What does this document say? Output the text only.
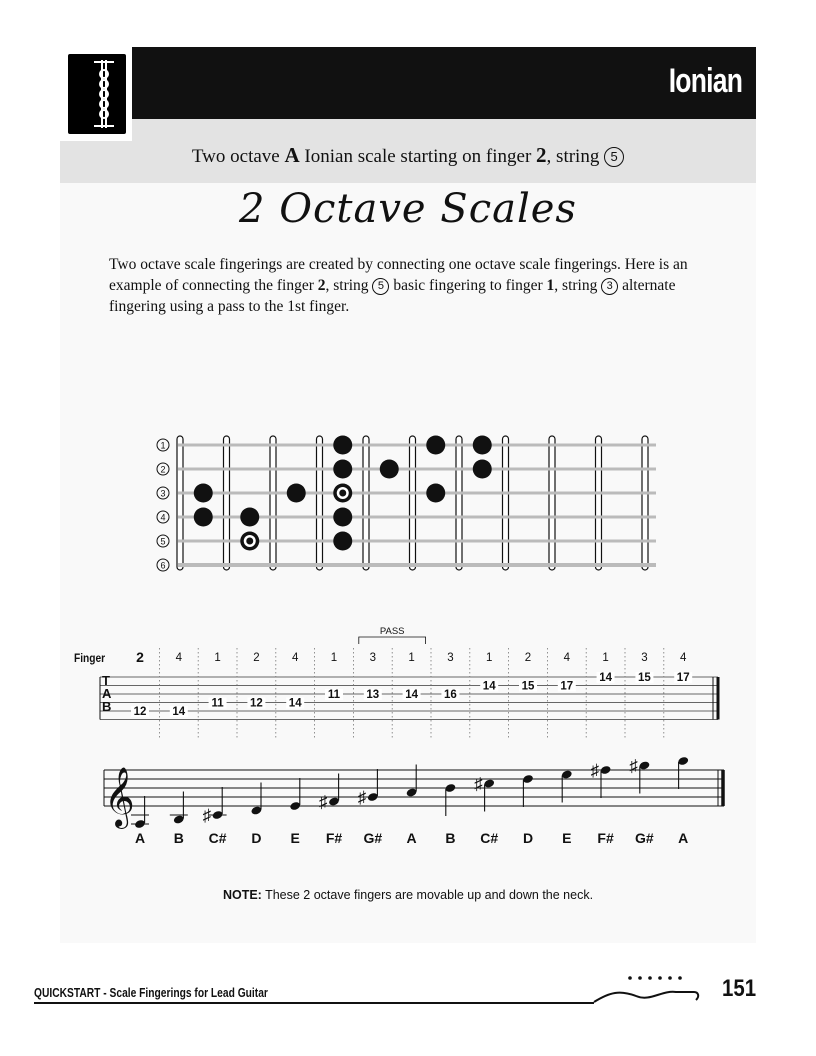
Ionian
Two octave A Ionian scale starting on finger 2, string 5
2 Octave Scales
Two octave scale fingerings are created by connecting one octave scale fingerings. Here is an example of connecting the finger 2, string 5 basic fingering to finger 1, string 3 alternate fingering using a pass to the 1st finger.
1
2
3
4
5
6
T
A
B
Finger 2	4	1	2	4	1	3	1	3	1	2	4	1	3	4
PASS
12 14
11 12 14
11 13 14 16
14 15 17
14 15 17
𝄞
A B
♯
C# D E
♯
F#
♯
G# A B
♯
C# D E
♯
F#
♯
G# A
NOTE: These 2 octave fingers are movable up and down the neck.
QUICKSTART - Scale Fingerings for Lead Guitar	151
